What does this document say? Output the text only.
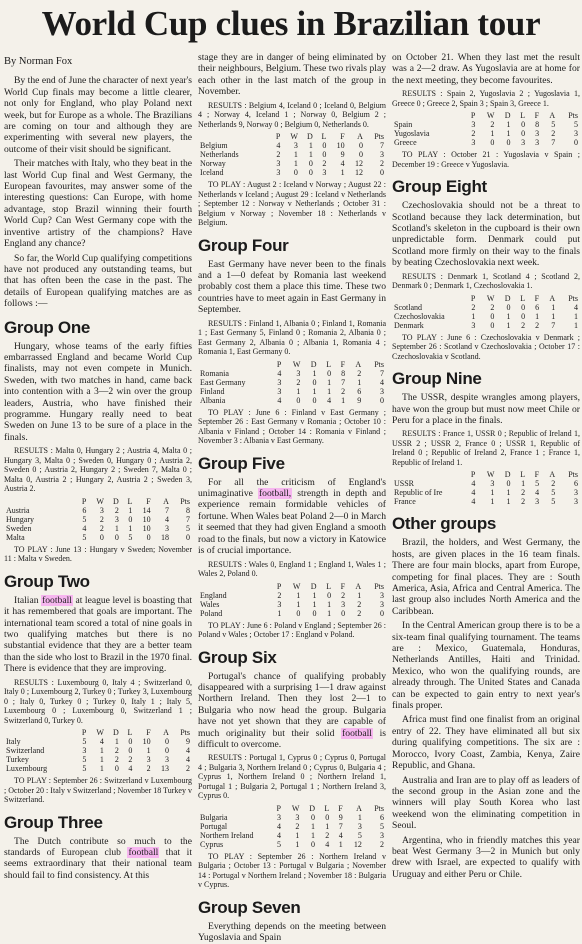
World Cup clues in Brazilian tour
By Norman Fox

By the end of June the character of next year's World Cup finals may become a little clearer, not only for England, who play Poland next week, but for Europe as a whole. The Brazilians are coming on tour and although they are experimenting with several new players, the outcome of their visit should be significant.

Their matches with Italy, who they beat in the last World Cup final and West Germany, the European favourites, may answer some of the interesting questions: Can Europe, with home advantage, stop Brazil winning their fourth World Cup? Can West Germany cope with the inventive artistry of the champions? Have England any chance?

So far, the World Cup qualifying competitions have not produced any outstanding teams, but that has often been the case in the past. The details of European qualifying matches are as follows :—

Group One

Hungary, whose teams of the early fifties embarrassed England and became World Cup finalists, may not even compete in Munich. Sweden, with two matches in hand, came back into contention with a 3—2 win over the group leaders, Austria, who have finished their programme. Hungary really need to beat Sweden on June 13 to be sure of a place in the finals.

RESULTS : Malta 0, Hungary 2 ; Austria 4, Malta 0 ; Hungary 3, Malta 0 ; Sweden 0, Hungary 0 ; Austria 2, Sweden 0 ; Austria 2, Hungary 2 ; Sweden 7, Malta 0 ; Malta 0, Austria 2 ; Hungary 2, Austria 2 ; Sweden 3, Austria 2.

	P	W	D	L	F	A	Pts
Austria	6	3	2	1	14	7	8
Hungary	5	2	3	0	10	4	7
Sweden	4	2	1	1	10	3	5
Malta	5	0	0	5	0	18	0

TO PLAY : June 13 : Hungary v Sweden; November 11 : Malta v Sweden.

Group Two

Italian football at league level is boasting that it has remembered that goals are important. The international team scored a total of nine goals in two qualifying matches but there is no substantial evidence that they are a better team than the side who lost to Brazil in the 1970 final. There is evidence that they are improving.

RESULTS : Luxembourg 0, Italy 4 ; Switzerland 0, Italy 0 ; Luxembourg 2, Turkey 0 ; Turkey 3, Luxembourg 0 ; Italy 0, Turkey 0 ; Turkey 0, Italy 1 ; Italy 5, Luxembourg 0 ; Luxembourg 0, Switzerland 1 ; Switzerland 0, Turkey 0.

	P	W	D	L	F	A	Pts
Italy	5	4	1	0	10	0	9
Switzerland	3	1	2	0	1	0	4
Turkey	5	1	2	2	3	3	4
Luxembourg	5	1	0	4	2	13	2

TO PLAY : September 26 : Switzerland v Luxembourg ; October 20 : Italy v Switzerland ; November 18 Turkey v Switzerland.

Group Three

The Dutch contribute so much to the standards of European club football that it seems extraordinary that their national team should fail to find consistency. At this

stage they are in danger of being eliminated by their neighbours, Belgium. These two rivals play each other in the last match of the group in November.

RESULTS : Belgium 4, Iceland 0 ; Iceland 0, Belgium 4 ; Norway 4, Iceland 1 ; Norway 0, Belgium 2 ; Netherlands 9, Norway 0 ; Belgium 0, Netherlands 0.

	P	W	D	L	F	A	Pts
Belgium	4	3	1	0	10	0	7
Netherlands	2	1	1	0	9	0	3
Norway	3	1	0	2	4	12	2
Iceland	3	0	0	3	1	12	0

TO PLAY : August 2 : Iceland v Norway ; August 22 : Netherlands v Iceland ; August 29 : Iceland v Netherlands ; September 12 : Norway v Netherlands ; October 31 : Belgium v Norway ; November 18 : Netherlands v Belgium.

Group Four

East Germany have never been to the finals and a 1—0 defeat by Romania last weekend probably cost them a place this time. These two countries have to meet again in East Germany in September.

RESULTS : Finland 1, Albania 0 ; Finland 1, Romania 1 ; East Germany 5, Finland 0 ; Romania 2, Albania 0 ; East Germany 2, Albania 0 ; Albania 1, Romania 4 ; Romania 1, East Germany 0.

	P	W	D	L	F	A	Pts
Romania	4	3	1	0	8	2	7
East Germany	3	2	0	1	7	1	4
Finland	3	1	1	1	2	6	3
Albania	4	0	0	4	1	9	0

TO PLAY : June 6 : Finland v East Germany ; September 26 : East Germany v Romania ; October 10 : Albania v Finland ; October 14 : Romania v Finland ; November 3 : Albania v East Germany.

Group Five

For all the criticism of England's unimaginative football, strength in depth and experience remain formidable vehicles of fortune. When Wales beat Poland 2—0 in March it seemed that they had given England a smooth road to the finals, but now a victory in Katowice is of crucial importance.

RESULTS : Wales 0, England 1 ; England 1, Wales 1 ; Wales 2, Poland 0.

	P	W	D	L	F	A	Pts
England	2	1	1	0	2	1	3
Wales	3	1	1	1	3	2	3
Poland	1	0	0	1	0	2	0

TO PLAY : June 6 : Poland v England ; September 26 : Poland v Wales ; October 17 : England v Poland.

Group Six

Portugal's chance of qualifying probably disappeared with a surprising 1—1 draw against Northern Ireland. Then they lost 2—1 to Bulgaria who now head the group. Bulgaria have not yet shown that they are capable of much originality but their solid football is difficult to overcome.

RESULTS : Portugal 1, Cyprus 0 ; Cyprus 0, Portugal 4 ; Bulgaria 3, Northern Ireland 0 ; Cyprus 0, Bulgaria 4 ; Cyprus 1, Northern Ireland 0 ; Northern Ireland 1, Portugal 1 ; Bulgaria 2, Portugal 1 ; Northern Ireland 3, Cyprus 0.

	P	W	D	L	F	A	Pts
Bulgaria	3	3	0	0	9	1	6
Portugal	4	2	1	1	7	3	5
Northern Ireland	4	1	1	2	4	5	3
Cyprus	5	1	0	4	1	12	2

TO PLAY : September 26 : Northern Ireland v Bulgaria ; October 13 : Portugal v Bulgaria ; November 14 : Portugal v Northern Ireland ; November 18 : Bulgaria v Cyprus.

Group Seven

Everything depends on the meeting between Yugoslavia and Spain

on October 21. When they last met the result was a 2—2 draw. As Yugoslavia are at home for the next meeting, they become favourites.

RESULTS : Spain 2, Yugoslavia 2 ; Yugoslavia 1, Greece 0 ; Greece 2, Spain 3 ; Spain 3, Greece 1.

	P	W	D	L	F	A	Pts
Spain	3	2	1	0	8	5	5
Yugoslavia	2	1	1	0	3	2	3
Greece	3	0	0	3	3	7	0

TO PLAY : October 21 : Yugoslavia v Spain ; December 19 : Greece v Yugoslavia.

Group Eight

Czechoslovakia should not be a threat to Scotland because they lack determination, but Scotland's skeleton in the cupboard is their own unpredictable form. Denmark could put Scotland more firmly on their way to the finals by beating Czechoslovakia next week.

RESULTS : Denmark 1, Scotland 4 ; Scotland 2, Denmark 0 ; Denmark 1, Czechoslovakia 1.

	P	W	D	L	F	A	Pts
Scotland	2	2	0	0	6	1	4
Czechoslovakia	1	0	1	0	1	1	1
Denmark	3	0	1	2	2	7	1

TO PLAY : June 6 : Czechoslovakia v Denmark ; September 26 : Scotland v Czechoslovakia ; October 17 : Czechoslovakia v Scotland.

Group Nine

The USSR, despite wrangles among players, have won the group but must now meet Chile or Peru for a place in the finals.

RESULTS : France 1, USSR 0 ; Republic of Ireland 1, USSR 2 ; USSR 2, France 0 ; USSR 1, Republic of Ireland 0 ; Republic of Ireland 2, France 1 ; France 1, Republic of Ireland 1.

	P	W	D	L	F	A	Pts
USSR	4	3	0	1	5	2	6
Republic of Ire	4	1	1	2	4	5	3
France	4	1	1	2	3	5	3
Other groups

Brazil, the holders, and West Germany, the hosts, are given places in the 16 team finals. There are four main blocks, apart from Europe, competing for final places. They are : South America, Asia, Africa and Central America. The last group also includes North America and the Caribbean.

In the Central American group there is to be a six-team final qualifying tournament. The teams are : Mexico, Guatemala, Honduras, Netherlands Antilles, Haiti and Trinidad. Mexico, who won the qualifying rounds, are already through. The United States and Canada can be expected to gain entry to next year's finals proper.

Africa must find one finalist from an original entry of 22. They have eliminated all but six during qualifying competitions. The six are : Morocco, Ivory Coast, Zambia, Kenya, Zaire Republic, and Ghana.

Australia and Iran are to play off as leaders of the second group in the Asian zone and the winners will play South Korea who last weekend won the eliminating competition in Seoul.

Argentina, who in friendly matches this year beat West Germany 3—2 in Munich but only drew with Israel, are expected to qualify with Uruguay and either Peru or Chile.
